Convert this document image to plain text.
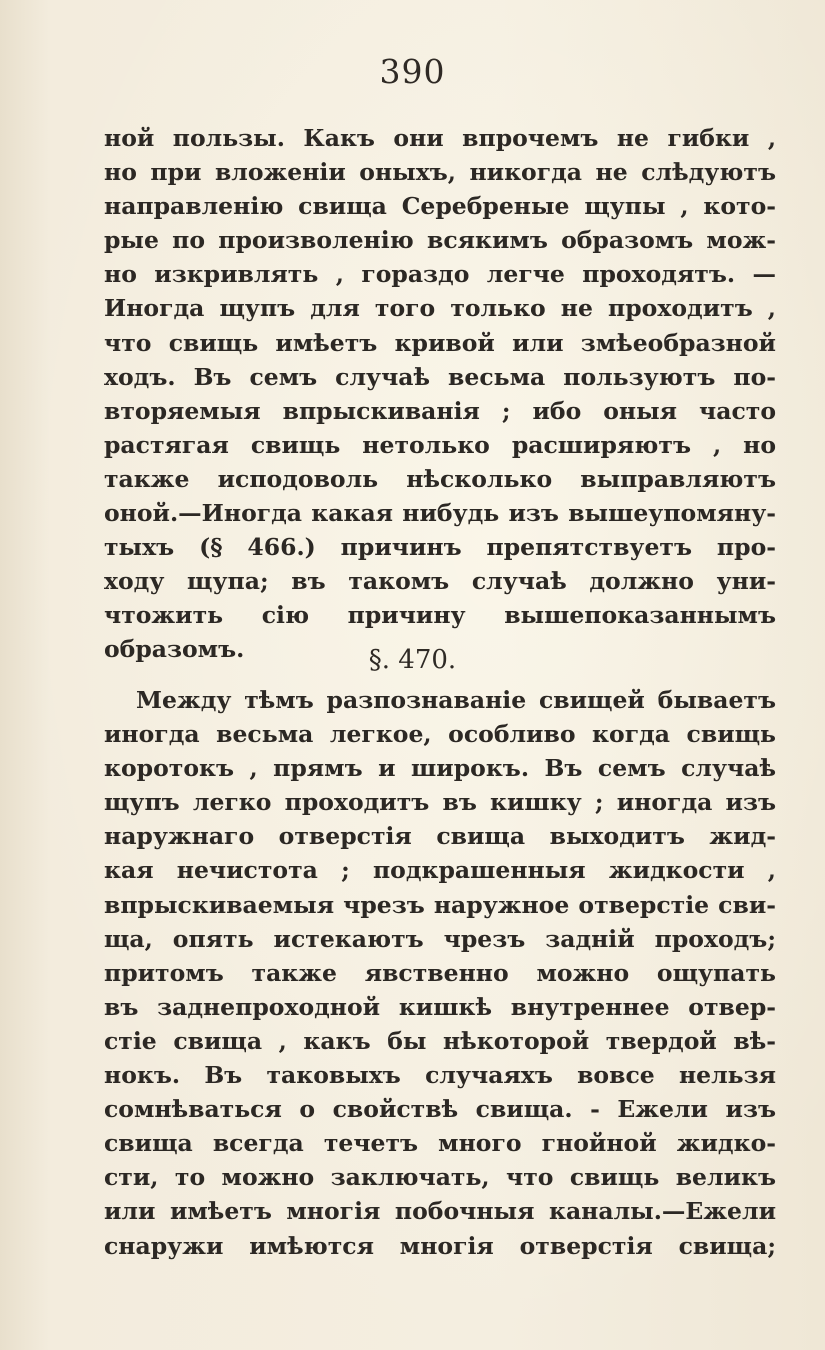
390
ной пользы. Какъ они впрочемъ не гибки ,
но при вложеніи оныхъ, никогда не слѣдуютъ
направленію свища Серебреные щупы , кото-
рые по произволенію всякимъ образомъ мож-
но изкривлять , гораздо легче проходятъ. —
Иногда щупъ для того только не проходитъ ,
что свищь имѣетъ кривой или змѣеобразной
ходъ. Въ семъ случаѣ весьма пользуютъ по-
вторяемыя впрыскиванія ; ибо оныя часто
растягая свищь нетолько расширяютъ , но
также исподоволь нѣсколько выправляютъ
оной.—Иногда какая нибудь изъ вышеупомяну-
тыхъ (§ 466.) причинъ препятствуетъ про-
ходу щупа; въ такомъ случаѣ должно уни-
чтожить сію причину вышепоказаннымъ
образомъ.	§. 470.
Между тѣмъ разпознаваніе свищей бываетъ
иногда весьма легкое, особливо когда свищь
коротокъ , прямъ и широкъ. Въ семъ случаѣ
щупъ легко проходитъ въ кишку ; иногда изъ
наружнаго отверстія свища выходитъ жид-
кая нечистота ; подкрашенныя жидкости ,
впрыскиваемыя чрезъ наружное отверстіе сви-
ща, опять истекаютъ чрезъ задній проходъ;
притомъ также явственно можно ощупать
въ заднепроходной кишкѣ внутреннее отвер-
стіе свища , какъ бы нѣкоторой твердой вѣ-
нокъ. Въ таковыхъ случаяхъ вовсе нельзя
сомнѣваться о свойствѣ свища. - Ежели изъ
свища всегда течетъ много гнойной жидко-
сти, то можно заключать, что свищь великъ
или имѣетъ многія побочныя каналы.—Ежели
снаружи имѣются многія отверстія свища;
